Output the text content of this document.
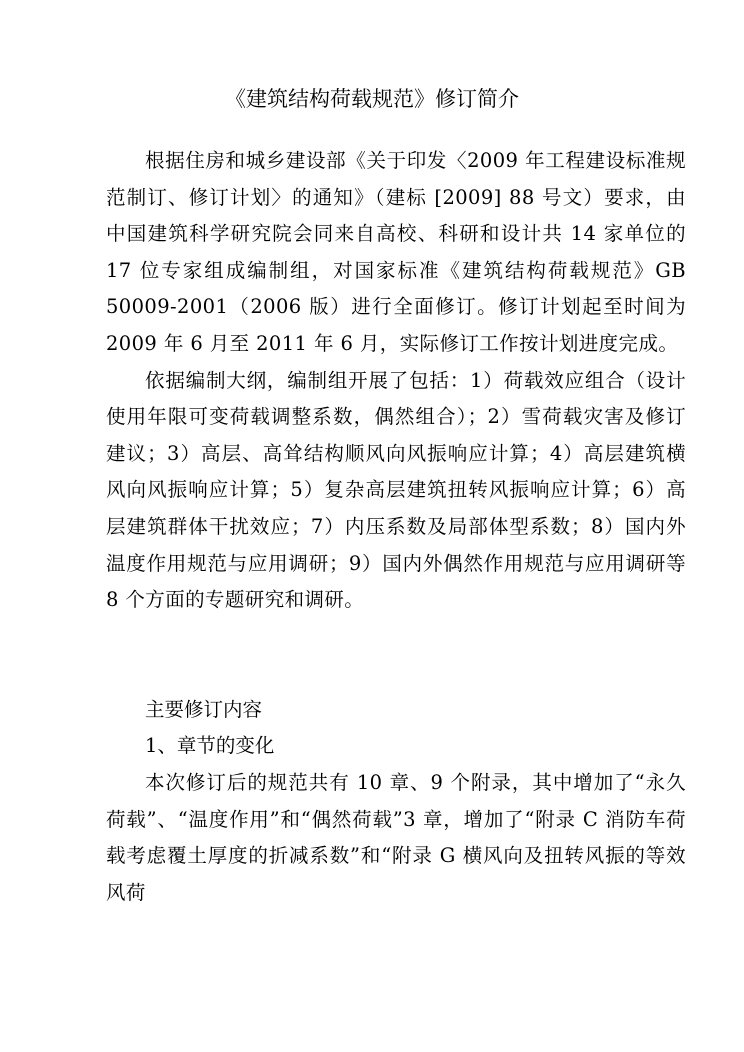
《建筑结构荷载规范》修订简介

根据住房和城乡建设部《关于印发〈2009 年工程建设标准规范制订、修订计划〉的通知》（建标 [2009] 88 号文）要求，由中国建筑科学研究院会同来自高校、科研和设计共 14 家单位的 17 位专家组成编制组，对国家标准《建筑结构荷载规范》GB 50009-2001（2006 版）进行全面修订。修订计划起至时间为 2009 年 6 月至 2011 年 6 月，实际修订工作按计划进度完成。

依据编制大纲，编制组开展了包括：1）荷载效应组合（设计使用年限可变荷载调整系数，偶然组合）；2）雪荷载灾害及修订建议；3）高层、高耸结构顺风向风振响应计算；4）高层建筑横风向风振响应计算；5）复杂高层建筑扭转风振响应计算；6）高层建筑群体干扰效应；7）内压系数及局部体型系数；8）国内外温度作用规范与应用调研；9）国内外偶然作用规范与应用调研等 8 个方面的专题研究和调研。

主要修订内容

1、章节的变化

本次修订后的规范共有 10 章、9 个附录，其中增加了“永久荷载”、“温度作用”和“偶然荷载”3 章，增加了“附录 C 消防车荷载考虑覆土厚度的折减系数”和“附录 G 横风向及扭转风振的等效风荷
